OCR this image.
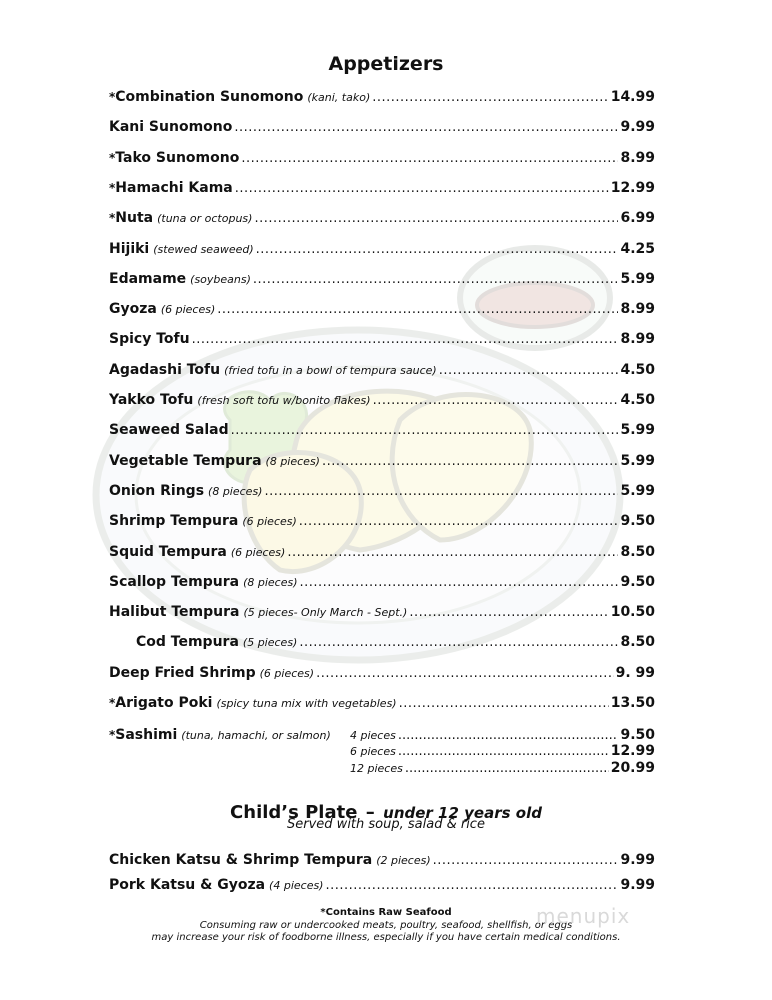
Appetizers
* Combination Sunomono (kani, tako) .....	14.99
Kani Sunomono .....	9.99
* Tako Sunomono .....	8.99
* Hamachi Kama .....	12.99
* Nuta (tuna or octopus) .....	6.99
Hijiki (stewed seaweed) .....	4.25
Edamame (soybeans) .....	5.99
Gyoza (6 pieces) .....	8.99
Spicy Tofu .....	8.99
Agadashi Tofu (fried tofu in a bowl of tempura sauce) .....	4.50
Yakko Tofu (fresh soft tofu w/bonito flakes) .....	4.50
Seaweed Salad .....	5.99
Vegetable Tempura (8 pieces) .....	5.99
Onion Rings (8 pieces) .....	5.99
Shrimp Tempura (6 pieces) .....	9.50
Squid Tempura (6 pieces) .....	8.50
Scallop Tempura (8 pieces) .....	9.50
Halibut Tempura (5 pieces- Only March - Sept.) .....	10.50
Cod Tempura (5 pieces) .....	8.50
Deep Fried Shrimp (6 pieces) .....	9. 99
* Arigato Poki (spicy tuna mix with vegetables) .....	13.50
* Sashimi (tuna, hamachi, or salmon) 4 pieces .....	9.50
6 pieces .....	12.99
12 pieces .....	20.99
Child’s Plate – under 12 years old
Served with soup, salad & rice
Chicken Katsu & Shrimp Tempura (2 pieces) .....	9.99
Pork Katsu & Gyoza (4 pieces) .....	9.99
*Contains Raw Seafood
Consuming raw or undercooked meats, poultry, seafood, shellfish, or eggs
may increase your risk of foodborne illness, especially if you have certain medical conditions.
menupix
